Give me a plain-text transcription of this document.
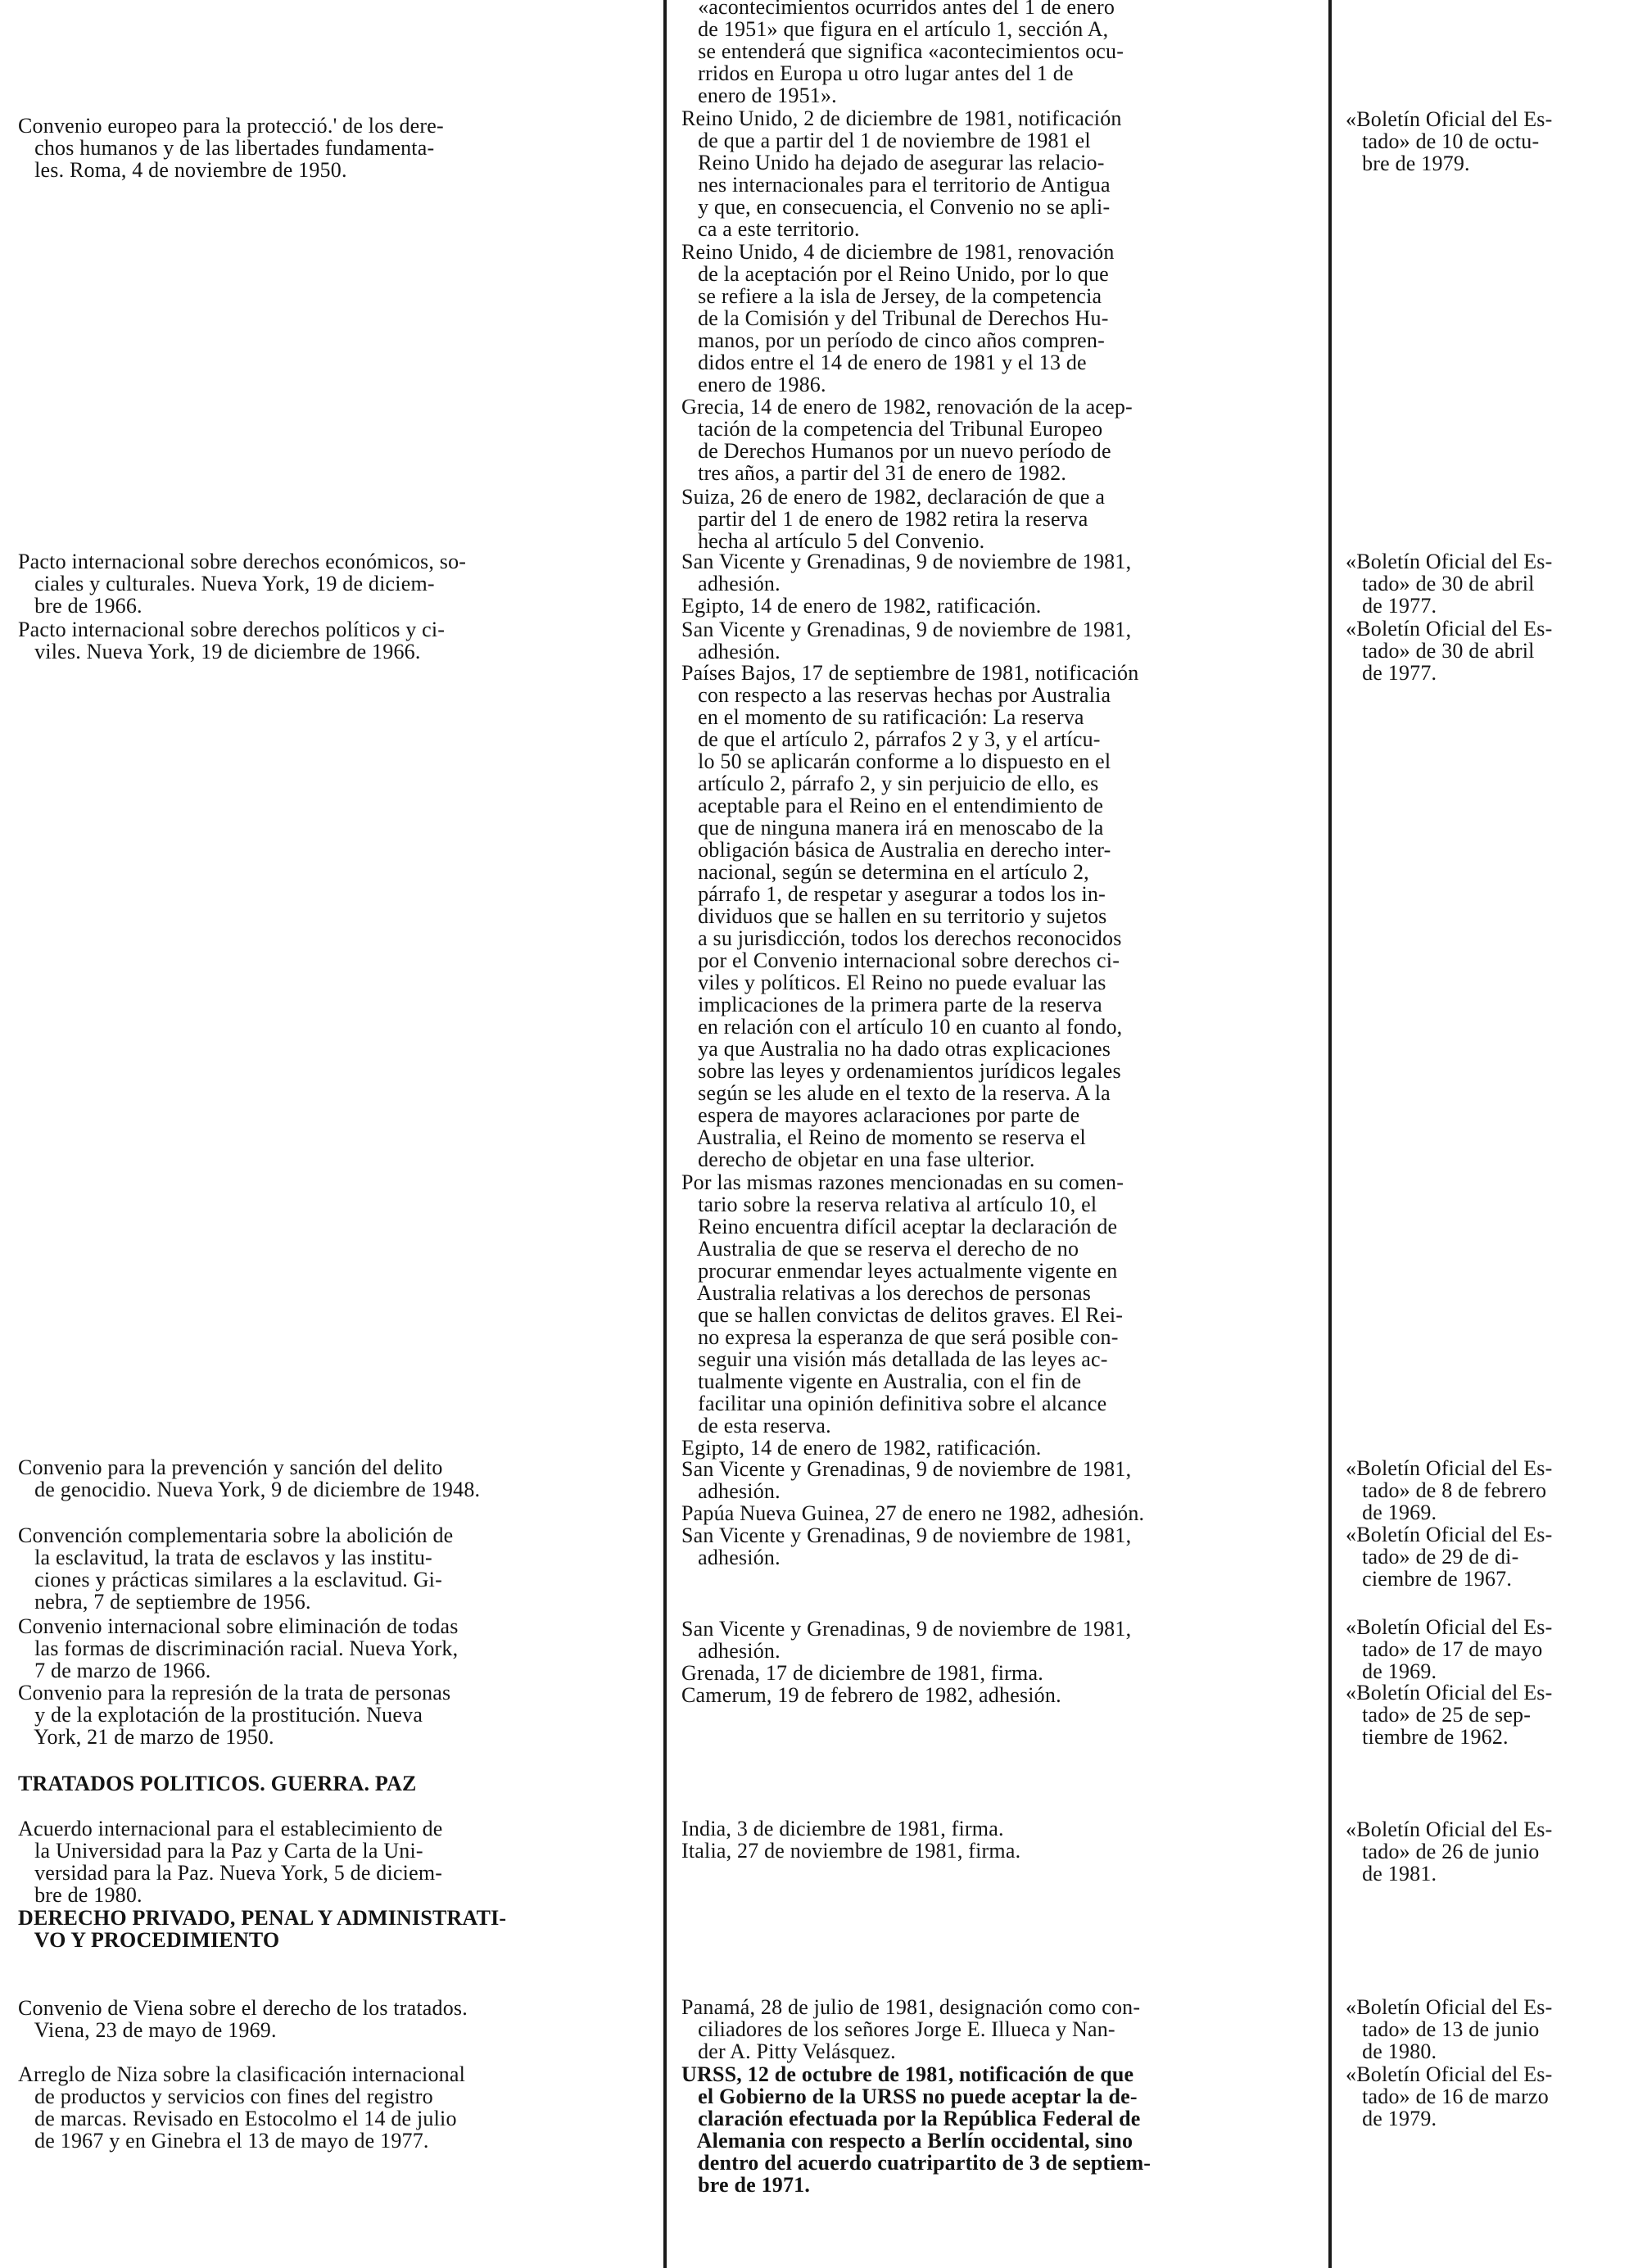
Convenio europeo para la protecció.' de los dere-
chos humanos y de las libertades fundamenta-
les. Roma, 4 de noviembre de 1950.
Pacto internacional sobre derechos económicos, so-
ciales y culturales. Nueva York, 19 de diciem-
bre de 1966.
Pacto internacional sobre derechos políticos y ci-
viles. Nueva York, 19 de diciembre de 1966.
Convenio para la prevención y sanción del delito
de genocidio. Nueva York, 9 de diciembre de 1948.
Convención complementaria sobre la abolición de
la esclavitud, la trata de esclavos y las institu-
ciones y prácticas similares a la esclavitud. Gi-
nebra, 7 de septiembre de 1956.
Convenio internacional sobre eliminación de todas
las formas de discriminación racial. Nueva York,
7 de marzo de 1966.
Convenio para la represión de la trata de personas
y de la explotación de la prostitución. Nueva
York, 21 de marzo de 1950.
TRATADOS POLITICOS. GUERRA. PAZ
Acuerdo internacional para el establecimiento de
la Universidad para la Paz y Carta de la Uni-
versidad para la Paz. Nueva York, 5 de diciem-
bre de 1980.
DERECHO PRIVADO, PENAL Y ADMINISTRATI-
VO Y PROCEDIMIENTO
Convenio de Viena sobre el derecho de los tratados.
Viena, 23 de mayo de 1969.
Arreglo de Niza sobre la clasificación internacional
de productos y servicios con fines del registro
de marcas. Revisado en Estocolmo el 14 de julio
de 1967 y en Ginebra el 13 de mayo de 1977.
«acontecimientos ocurridos antes del 1 de enero
de 1951» que figura en el artículo 1, sección A,
se entenderá que significa «acontecimientos ocu-
rridos en Europa u otro lugar antes del 1 de
enero de 1951».
Reino Unido, 2 de diciembre de 1981, notificación
de que a partir del 1 de noviembre de 1981 el
Reino Unido ha dejado de asegurar las relacio-
nes internacionales para el territorio de Antigua
y que, en consecuencia, el Convenio no se apli-
ca a este territorio.
Reino Unido, 4 de diciembre de 1981, renovación
de la aceptación por el Reino Unido, por lo que
se refiere a la isla de Jersey, de la competencia
de la Comisión y del Tribunal de Derechos Hu-
manos, por un período de cinco años compren-
didos entre el 14 de enero de 1981 y el 13 de
enero de 1986.
Grecia, 14 de enero de 1982, renovación de la acep-
tación de la competencia del Tribunal Europeo
de Derechos Humanos por un nuevo período de
tres años, a partir del 31 de enero de 1982.
Suiza, 26 de enero de 1982, declaración de que a
partir del 1 de enero de 1982 retira la reserva
hecha al artículo 5 del Convenio.
San Vicente y Grenadinas, 9 de noviembre de 1981,
adhesión.
Egipto, 14 de enero de 1982, ratificación.
San Vicente y Grenadinas, 9 de noviembre de 1981,
adhesión.
Países Bajos, 17 de septiembre de 1981, notificación
con respecto a las reservas hechas por Australia
en el momento de su ratificación: La reserva
de que el artículo 2, párrafos 2 y 3, y el artícu-
lo 50 se aplicarán conforme a lo dispuesto en el
artículo 2, párrafo 2, y sin perjuicio de ello, es
aceptable para el Reino en el entendimiento de
que de ninguna manera irá en menoscabo de la
obligación básica de Australia en derecho inter-
nacional, según se determina en el artículo 2,
párrafo 1, de respetar y asegurar a todos los in-
dividuos que se hallen en su territorio y sujetos
a su jurisdicción, todos los derechos reconocidos
por el Convenio internacional sobre derechos ci-
viles y políticos. El Reino no puede evaluar las
implicaciones de la primera parte de la reserva
en relación con el artículo 10 en cuanto al fondo,
ya que Australia no ha dado otras explicaciones
sobre las leyes y ordenamientos jurídicos legales
según se les alude en el texto de la reserva. A la
espera de mayores aclaraciones por parte de
Australia, el Reino de momento se reserva el
derecho de objetar en una fase ulterior.
Por las mismas razones mencionadas en su comen-
tario sobre la reserva relativa al artículo 10, el
Reino encuentra difícil aceptar la declaración de
Australia de que se reserva el derecho de no
procurar enmendar leyes actualmente vigente en
Australia relativas a los derechos de personas
que se hallen convictas de delitos graves. El Rei-
no expresa la esperanza de que será posible con-
seguir una visión más detallada de las leyes ac-
tualmente vigente en Australia, con el fin de
facilitar una opinión definitiva sobre el alcance
de esta reserva.
Egipto, 14 de enero de 1982, ratificación.
San Vicente y Grenadinas, 9 de noviembre de 1981,
adhesión.
Papúa Nueva Guinea, 27 de enero ne 1982, adhesión.
San Vicente y Grenadinas, 9 de noviembre de 1981,
adhesión.
San Vicente y Grenadinas, 9 de noviembre de 1981,
adhesión.
Grenada, 17 de diciembre de 1981, firma.
Camerum, 19 de febrero de 1982, adhesión.
India, 3 de diciembre de 1981, firma.
Italia, 27 de noviembre de 1981, firma.
Panamá, 28 de julio de 1981, designación como con-
ciliadores de los señores Jorge E. Illueca y Nan-
der A. Pitty Velásquez.
URSS, 12 de octubre de 1981, notificación de que
el Gobierno de la URSS no puede aceptar la de-
claración efectuada por la República Federal de
Alemania con respecto a Berlín occidental, sino
dentro del acuerdo cuatripartito de 3 de septiem-
bre de 1971.
«Boletín Oficial del Es-
tado» de 10 de octu-
bre de 1979.
«Boletín Oficial del Es-
tado» de 30 de abril
de 1977.
«Boletín Oficial del Es-
tado» de 30 de abril
de 1977.
«Boletín Oficial del Es-
tado» de 8 de febrero
de 1969.
«Boletín Oficial del Es-
tado» de 29 de di-
ciembre de 1967.
«Boletín Oficial del Es-
tado» de 17 de mayo
de 1969.
«Boletín Oficial del Es-
tado» de 25 de sep-
tiembre de 1962.
«Boletín Oficial del Es-
tado» de 26 de junio
de 1981.
«Boletín Oficial del Es-
tado» de 13 de junio
de 1980.
«Boletín Oficial del Es-
tado» de 16 de marzo
de 1979.
